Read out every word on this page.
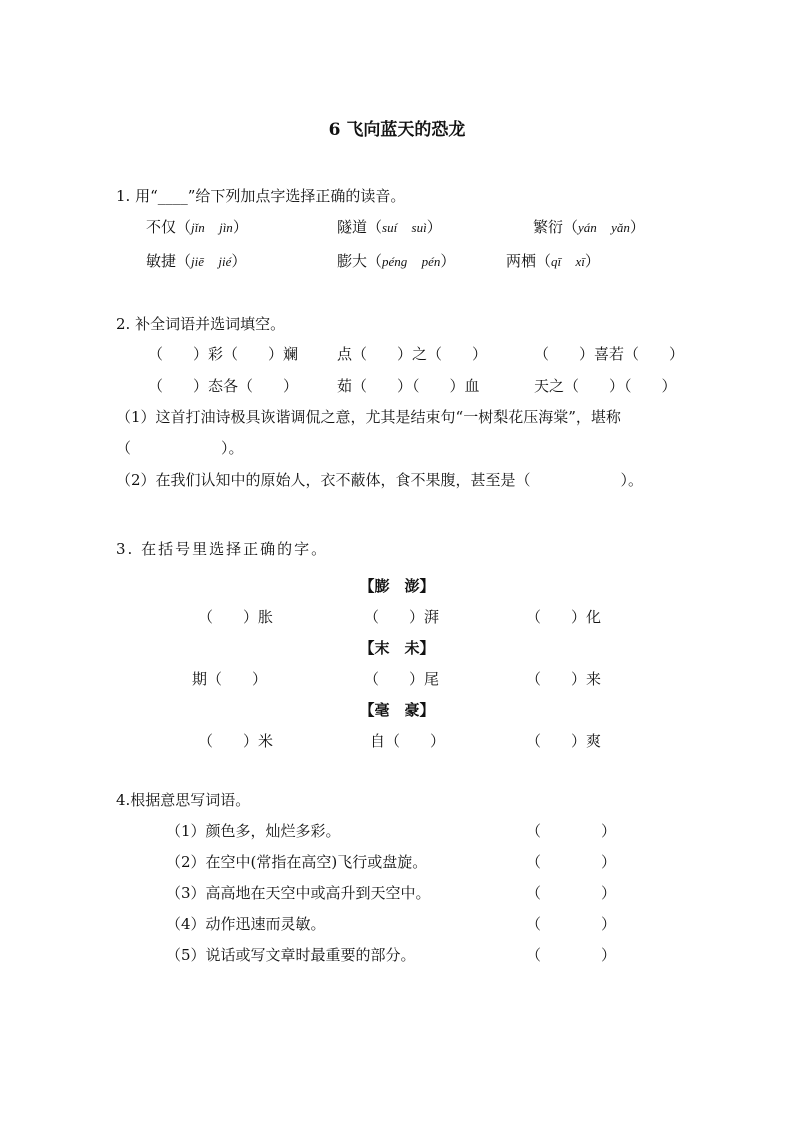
6 飞向蓝天的恐龙
1. 用“____”给下列加点字选择正确的读音。
不仅（jǐn jìn）	隧道（suí suì）	繁衍（yán yǎn）
敏捷（jiē jié）	膨大（péng pén）	两栖（qī xī）
2. 补全词语并选词填空。
（　　）彩（　　）斓	点（　　）之（　　）	（　　）喜若（　　）
（　　）态各（　　）	茹（　　）（　　）血	天之（　　）（　　）
（1）这首打油诗极具诙谐调侃之意，尤其是结束句“一树梨花压海棠”，堪称
（　　　　　　）。
（2）在我们认知中的原始人，衣不蔽体，食不果腹，甚至是（　　　　　　）。
3. 在括号里选择正确的字。
【膨　澎】
（　　）胀	（　　）湃	（　　）化
【末　未】
期（　　）	（　　）尾	（　　）来
【毫　豪】
（　　）米	自（　　）	（　　）爽
4.根据意思写词语。
（1）颜色多，灿烂多彩。	（　　　　）
（2）在空中(常指在高空)飞行或盘旋。	（　　　　）
（3）高高地在天空中或高升到天空中。	（　　　　）
（4）动作迅速而灵敏。	（　　　　）
（5）说话或写文章时最重要的部分。	（　　　　）
